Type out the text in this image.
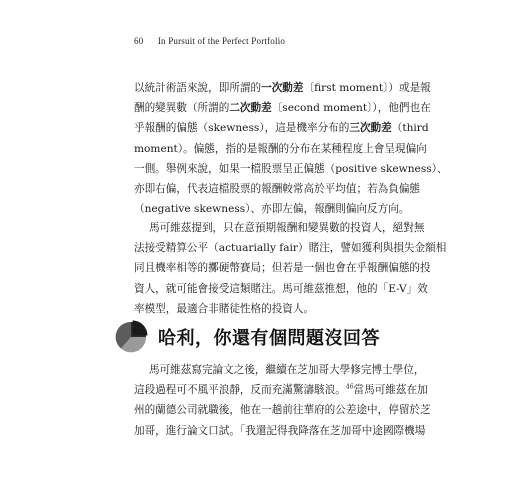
60 In Pursuit of the Perfect Portfolio
以統計術語來說，即所謂的一次動差〔first moment〕）或是報
酬的變異數（所謂的二次動差〔second moment〕），他們也在
乎報酬的偏態（skewness），這是機率分布的三次動差（third
moment）。偏態，指的是報酬的分布在某種程度上會呈現偏向
一側。舉例來說，如果一檔股票呈正偏態（positive skewness）、
亦即右偏，代表這檔股票的報酬較常高於平均值；若為負偏態
（negative skewness）、亦即左偏，報酬則偏向反方向。
馬可維茲提到，只在意預期報酬和變異數的投資人，絕對無
法接受精算公平（actuarially fair）賭注，譬如獲利與損失金額相
同且機率相等的擲硬幣賽局；但若是一個也會在乎報酬偏態的投
資人，就可能會接受這類賭注。馬可維茲推想，他的「E-V」效
率模型，最適合非賭徒性格的投資人。
哈利，你還有個問題沒回答
馬可維茲寫完論文之後，繼續在芝加哥大學修完博士學位，
這段過程可不風平浪靜，反而充滿驚濤駭浪。$^{46}$當馬可維茲在加
州的蘭德公司就職後，他在一趟前往華府的公差途中，停留於芝
加哥，進行論文口試。「我還記得我降落在芝加哥中途國際機場
